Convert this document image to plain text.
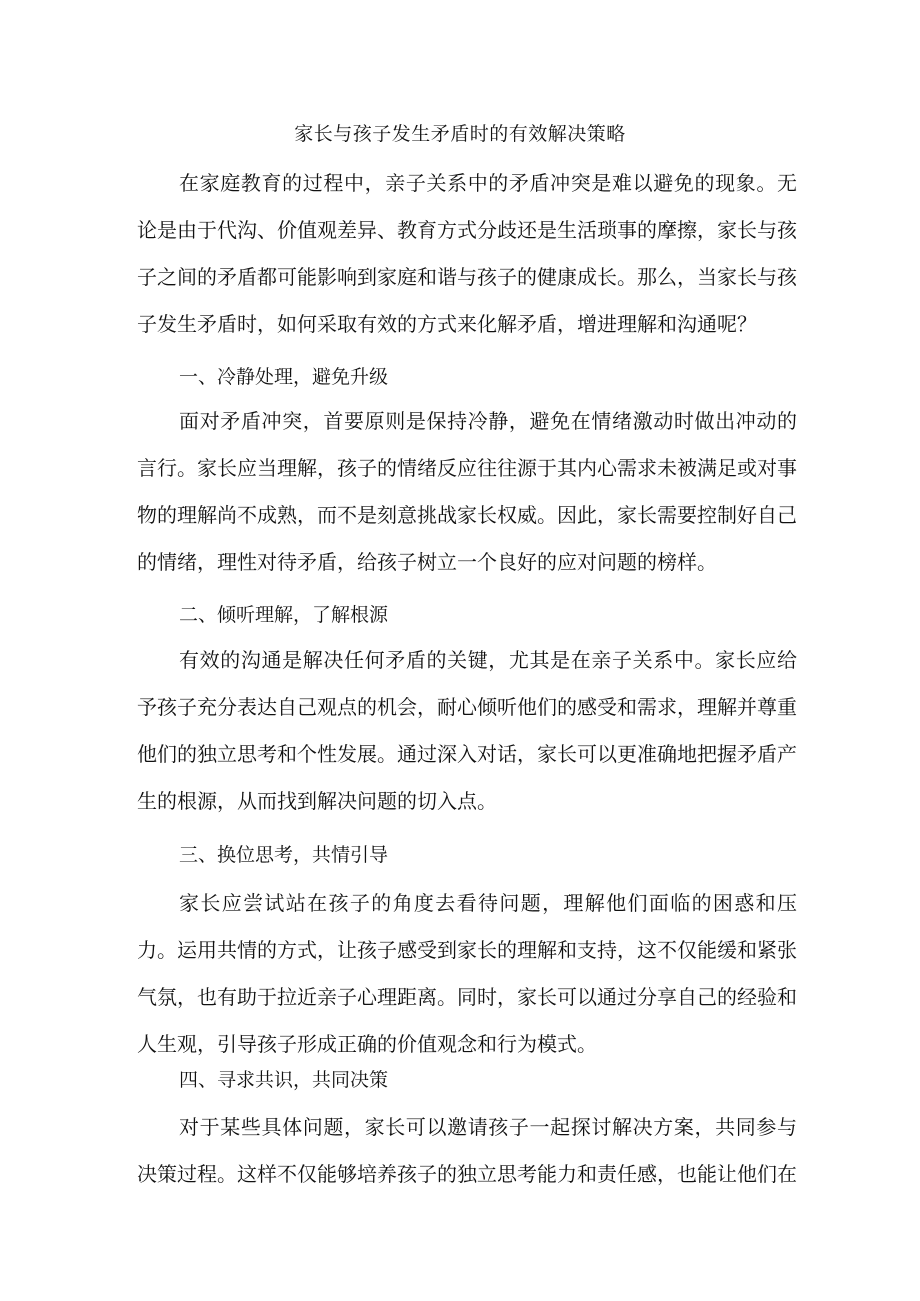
家长与孩子发生矛盾时的有效解决策略

在家庭教育的过程中，亲子关系中的矛盾冲突是难以避免的现象。无论是由于代沟、价值观差异、教育方式分歧还是生活琐事的摩擦，家长与孩子之间的矛盾都可能影响到家庭和谐与孩子的健康成长。那么，当家长与孩子发生矛盾时，如何采取有效的方式来化解矛盾，增进理解和沟通呢？

一、冷静处理，避免升级

面对矛盾冲突，首要原则是保持冷静，避免在情绪激动时做出冲动的言行。家长应当理解，孩子的情绪反应往往源于其内心需求未被满足或对事物的理解尚不成熟，而不是刻意挑战家长权威。因此，家长需要控制好自己的情绪，理性对待矛盾，给孩子树立一个良好的应对问题的榜样。

二、倾听理解，了解根源

有效的沟通是解决任何矛盾的关键，尤其是在亲子关系中。家长应给予孩子充分表达自己观点的机会，耐心倾听他们的感受和需求，理解并尊重他们的独立思考和个性发展。通过深入对话，家长可以更准确地把握矛盾产生的根源，从而找到解决问题的切入点。

三、换位思考，共情引导

家长应尝试站在孩子的角度去看待问题，理解他们面临的困惑和压力。运用共情的方式，让孩子感受到家长的理解和支持，这不仅能缓和紧张气氛，也有助于拉近亲子心理距离。同时，家长可以通过分享自己的经验和人生观，引导孩子形成正确的价值观念和行为模式。

四、寻求共识，共同决策

对于某些具体问题，家长可以邀请孩子一起探讨解决方案，共同参与决策过程。这样不仅能够培养孩子的独立思考能力和责任感，也能让他们在
